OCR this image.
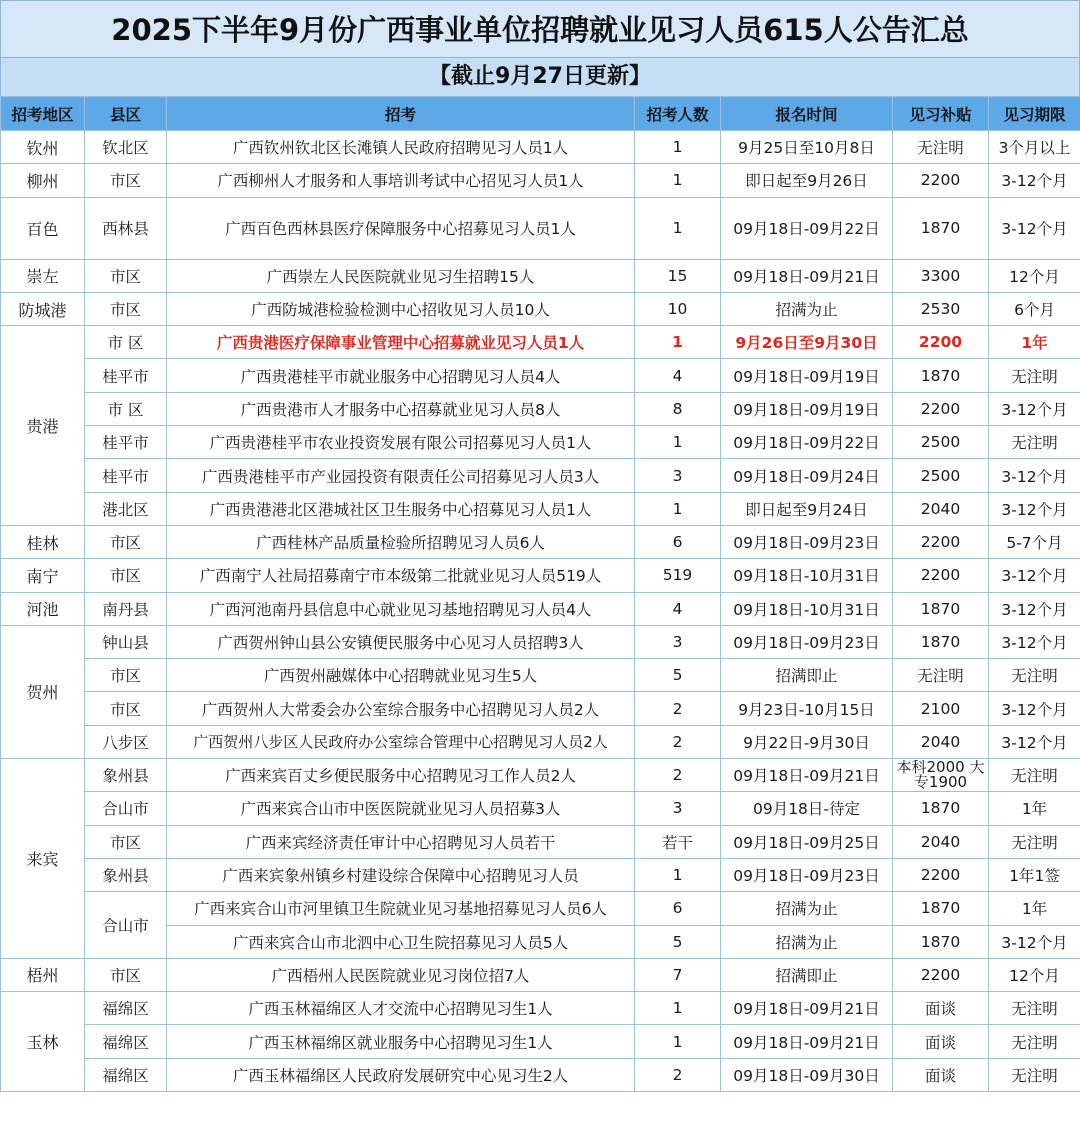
2025下半年9月份广西事业单位招聘就业见习人员615人公告汇总
【截止9月27日更新】
招考地区	县区	招考	招考人数	报名时间	见习补贴	见习期限
钦州	钦北区	广西钦州钦北区长滩镇人民政府招聘见习人员1人	1	9月25日至10月8日	无注明	3个月以上
柳州	市区	广西柳州人才服务和人事培训考试中心招见习人员1人	1	即日起至9月26日	2200	3-12个月
百色	西林县	广西百色西林县医疗保障服务中心招募见习人员1人	1	09月18日-09月22日	1870	3-12个月
崇左	市区	广西崇左人民医院就业见习生招聘15人	15	09月18日-09月21日	3300	12个月
防城港	市区	广西防城港检验检测中心招收见习人员10人	10	招满为止	2530	6个月
贵港	市 区	广西贵港医疗保障事业管理中心招募就业见习人员1人	1	9月26日至9月30日	2200	1年
	桂平市	广西贵港桂平市就业服务中心招聘见习人员4人	4	09月18日-09月19日	1870	无注明
	市 区	广西贵港市人才服务中心招募就业见习人员8人	8	09月18日-09月19日	2200	3-12个月
	桂平市	广西贵港桂平市农业投资发展有限公司招募见习人员1人	1	09月18日-09月22日	2500	无注明
	桂平市	广西贵港桂平市产业园投资有限责任公司招募见习人员3人	3	09月18日-09月24日	2500	3-12个月
	港北区	广西贵港港北区港城社区卫生服务中心招募见习人员1人	1	即日起至9月24日	2040	3-12个月
桂林	市区	广西桂林产品质量检验所招聘见习人员6人	6	09月18日-09月23日	2200	5-7个月
南宁	市区	广西南宁人社局招募南宁市本级第二批就业见习人员519人	519	09月18日-10月31日	2200	3-12个月
河池	南丹县	广西河池南丹县信息中心就业见习基地招聘见习人员4人	4	09月18日-10月31日	1870	3-12个月
贺州	钟山县	广西贺州钟山县公安镇便民服务中心见习人员招聘3人	3	09月18日-09月23日	1870	3-12个月
	市区	广西贺州融媒体中心招聘就业见习生5人	5	招满即止	无注明	无注明
	市区	广西贺州人大常委会办公室综合服务中心招聘见习人员2人	2	9月23日-10月15日	2100	3-12个月
	八步区	广西贺州八步区人民政府办公室综合管理中心招聘见习人员2人	2	9月22日-9月30日	2040	3-12个月
来宾	象州县	广西来宾百丈乡便民服务中心招聘见习工作人员2人	2	09月18日-09月21日	本科2000 大专1900	无注明
	合山市	广西来宾合山市中医医院就业见习人员招募3人	3	09月18日-待定	1870	1年
	市区	广西来宾经济责任审计中心招聘见习人员若干	若干	09月18日-09月25日	2040	无注明
	象州县	广西来宾象州镇乡村建设综合保障中心招聘见习人员	1	09月18日-09月23日	2200	1年1签
	合山市	广西来宾合山市河里镇卫生院就业见习基地招募见习人员6人	6	招满为止	1870	1年
		广西来宾合山市北泗中心卫生院招募见习人员5人	5	招满为止	1870	3-12个月
梧州	市区	广西梧州人民医院就业见习岗位招7人	7	招满即止	2200	12个月
玉林	福绵区	广西玉林福绵区人才交流中心招聘见习生1人	1	09月18日-09月21日	面谈	无注明
	福绵区	广西玉林福绵区就业服务中心招聘见习生1人	1	09月18日-09月21日	面谈	无注明
	福绵区	广西玉林福绵区人民政府发展研究中心见习生2人	2	09月18日-09月30日	面谈	无注明
